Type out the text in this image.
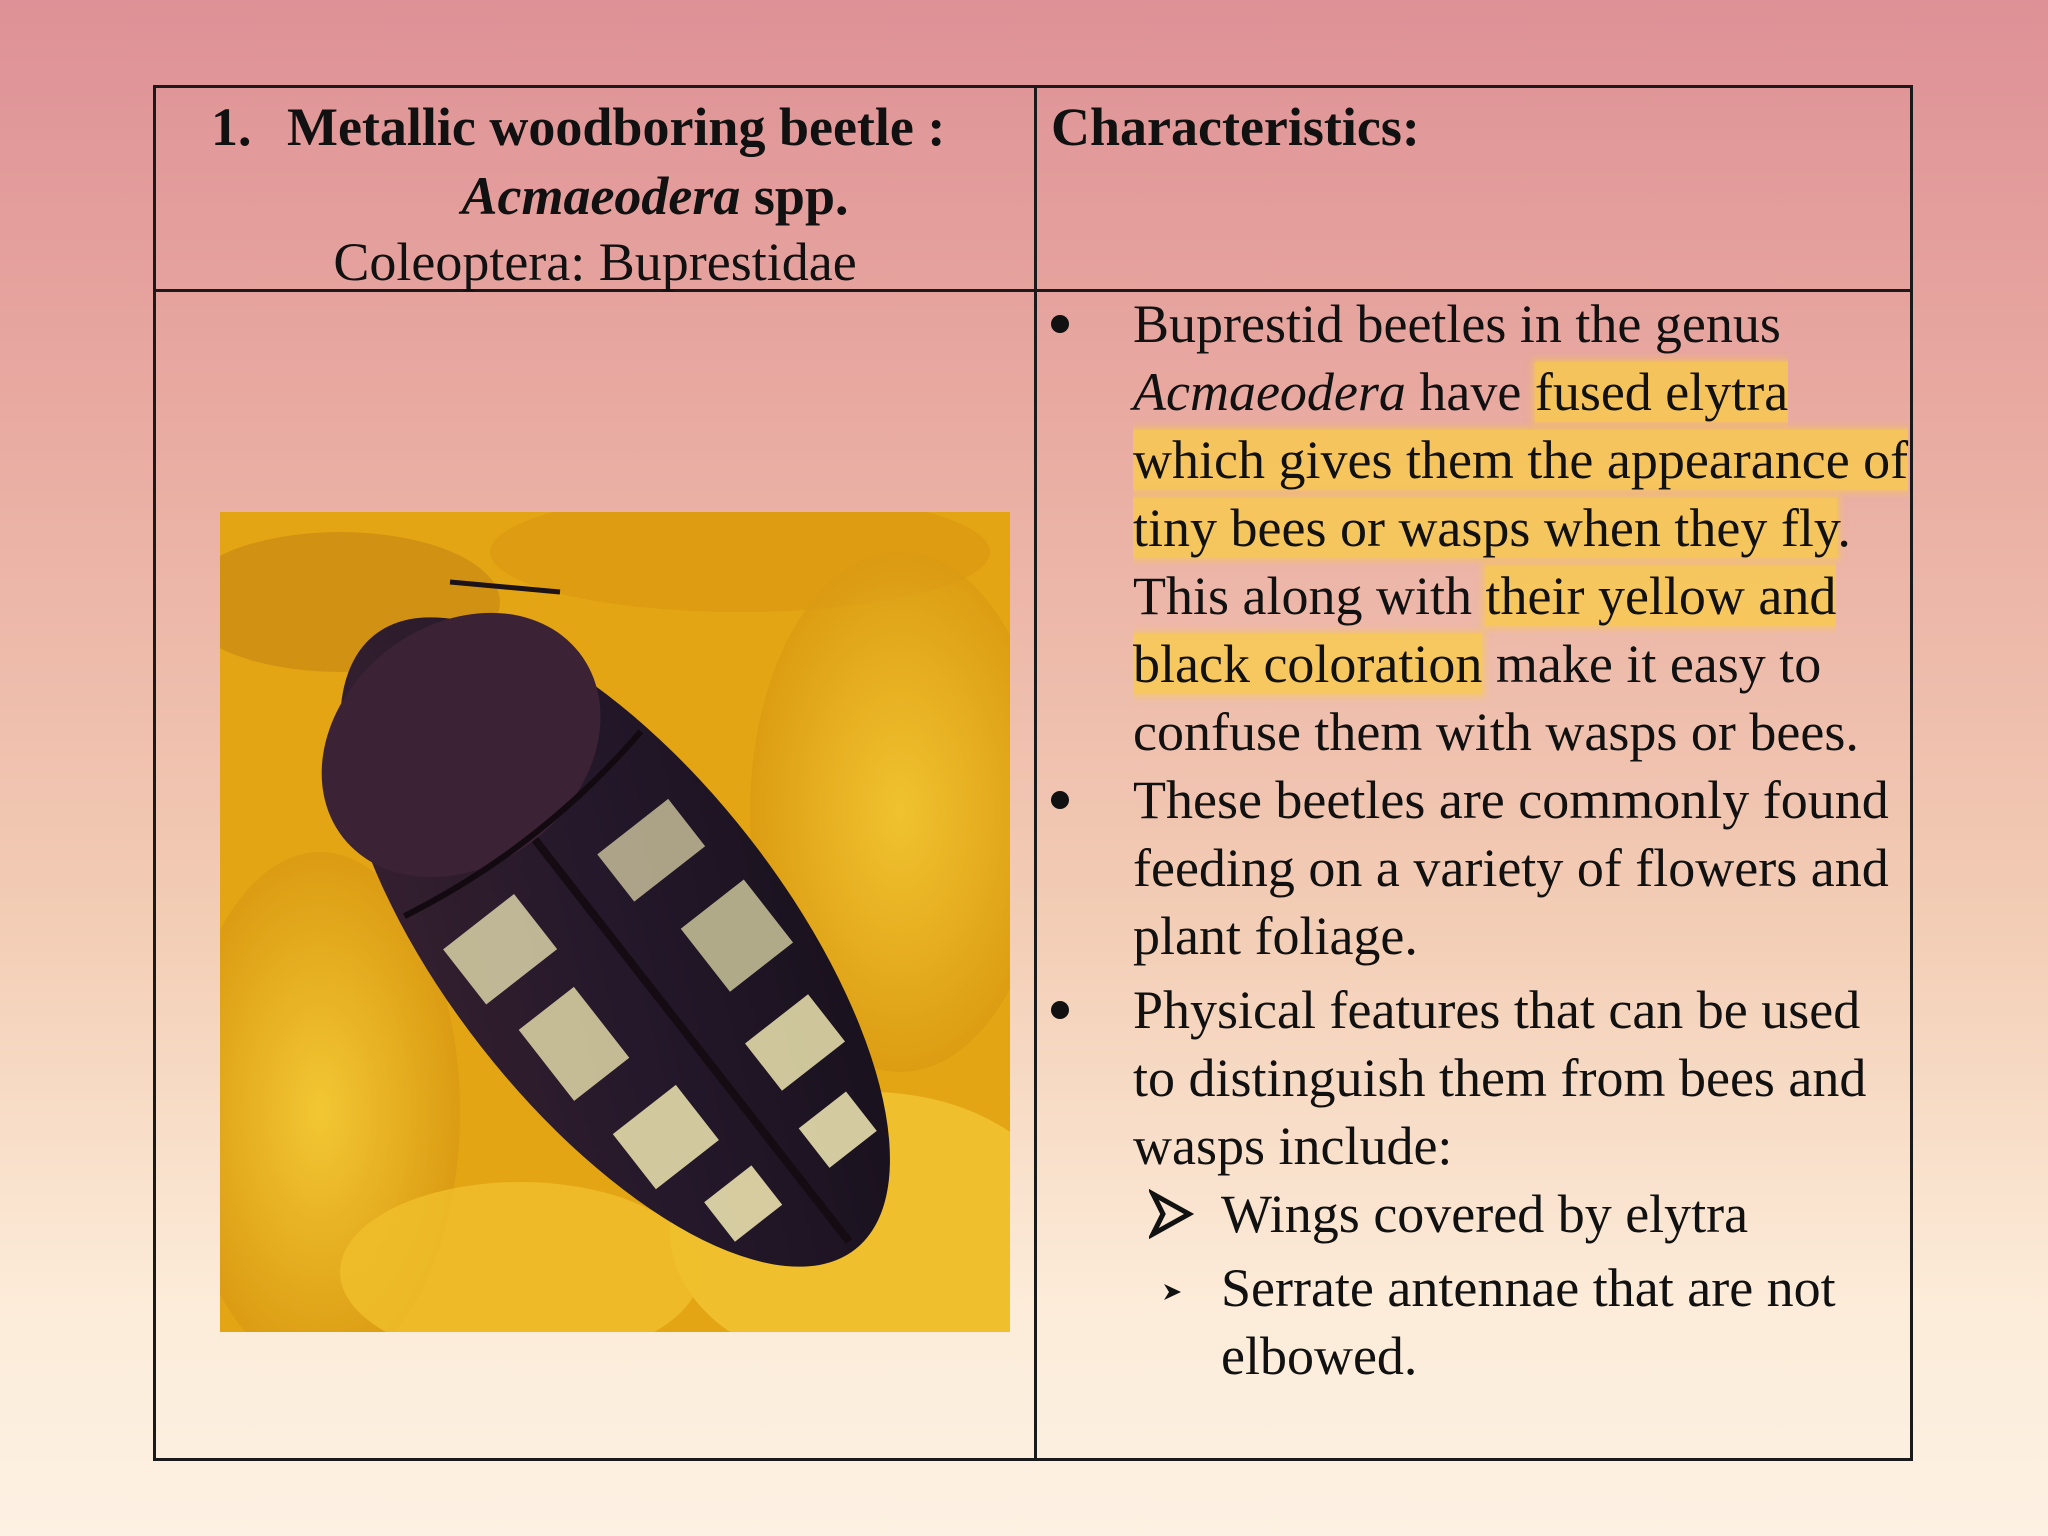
1. Metallic woodboring beetle :
Acmaeodera spp.
Coleoptera: Buprestidae
Characteristics:
Buprestid beetles in the genus Acmaeodera have fused elytra which gives them the appearance of tiny bees or wasps when they fly. This along with their yellow and black coloration make it easy to confuse them with wasps or bees.
These beetles are commonly found feeding on a variety of flowers and plant foliage.
Physical features that can be used to distinguish them from bees and wasps include:
Wings covered by elytra
Serrate antennae that are not elbowed.
